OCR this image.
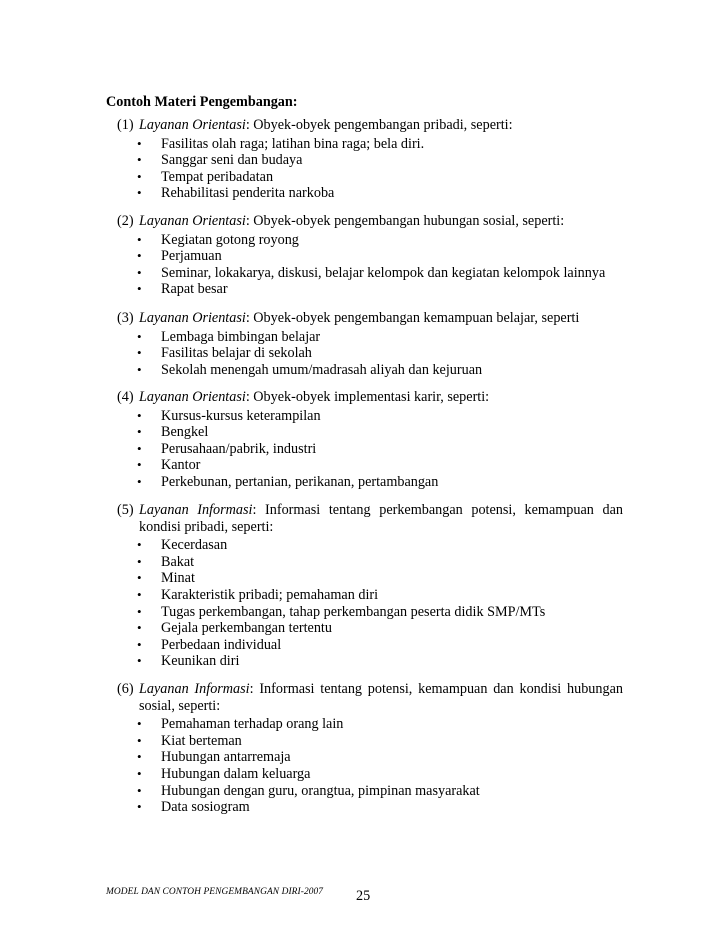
Contoh Materi Pengembangan:
(1) Layanan Orientasi: Obyek-obyek pengembangan pribadi, seperti:
•	Fasilitas olah raga; latihan bina raga; bela diri.
•	Sanggar seni dan budaya
•	Tempat peribadatan
•	Rehabilitasi penderita narkoba
(2) Layanan Orientasi: Obyek-obyek pengembangan hubungan sosial, seperti:
•	Kegiatan gotong royong
•	Perjamuan
•	Seminar, lokakarya, diskusi, belajar kelompok dan kegiatan kelompok lainnya
•	Rapat besar
(3) Layanan Orientasi: Obyek-obyek pengembangan kemampuan belajar, seperti
•	Lembaga bimbingan belajar
•	Fasilitas belajar di sekolah
•	Sekolah menengah umum/madrasah aliyah dan kejuruan
(4) Layanan Orientasi: Obyek-obyek implementasi karir, seperti:
•	Kursus-kursus keterampilan
•	Bengkel
•	Perusahaan/pabrik, industri
•	Kantor
•	Perkebunan, pertanian, perikanan, pertambangan
(5) Layanan Informasi: Informasi tentang perkembangan potensi, kemampuan dan kondisi pribadi, seperti:
•	Kecerdasan
•	Bakat
•	Minat
•	Karakteristik pribadi; pemahaman diri
•	Tugas perkembangan, tahap perkembangan peserta didik SMP/MTs
•	Gejala perkembangan tertentu
•	Perbedaan individual
•	Keunikan diri
(6) Layanan Informasi: Informasi tentang potensi, kemampuan dan kondisi hubungan sosial, seperti:
•	Pemahaman terhadap orang lain
•	Kiat berteman
•	Hubungan antarremaja
•	Hubungan dalam keluarga
•	Hubungan dengan guru, orangtua, pimpinan masyarakat
•	Data sosiogram
MODEL DAN CONTOH PENGEMBANGAN DIRI-2007 25
